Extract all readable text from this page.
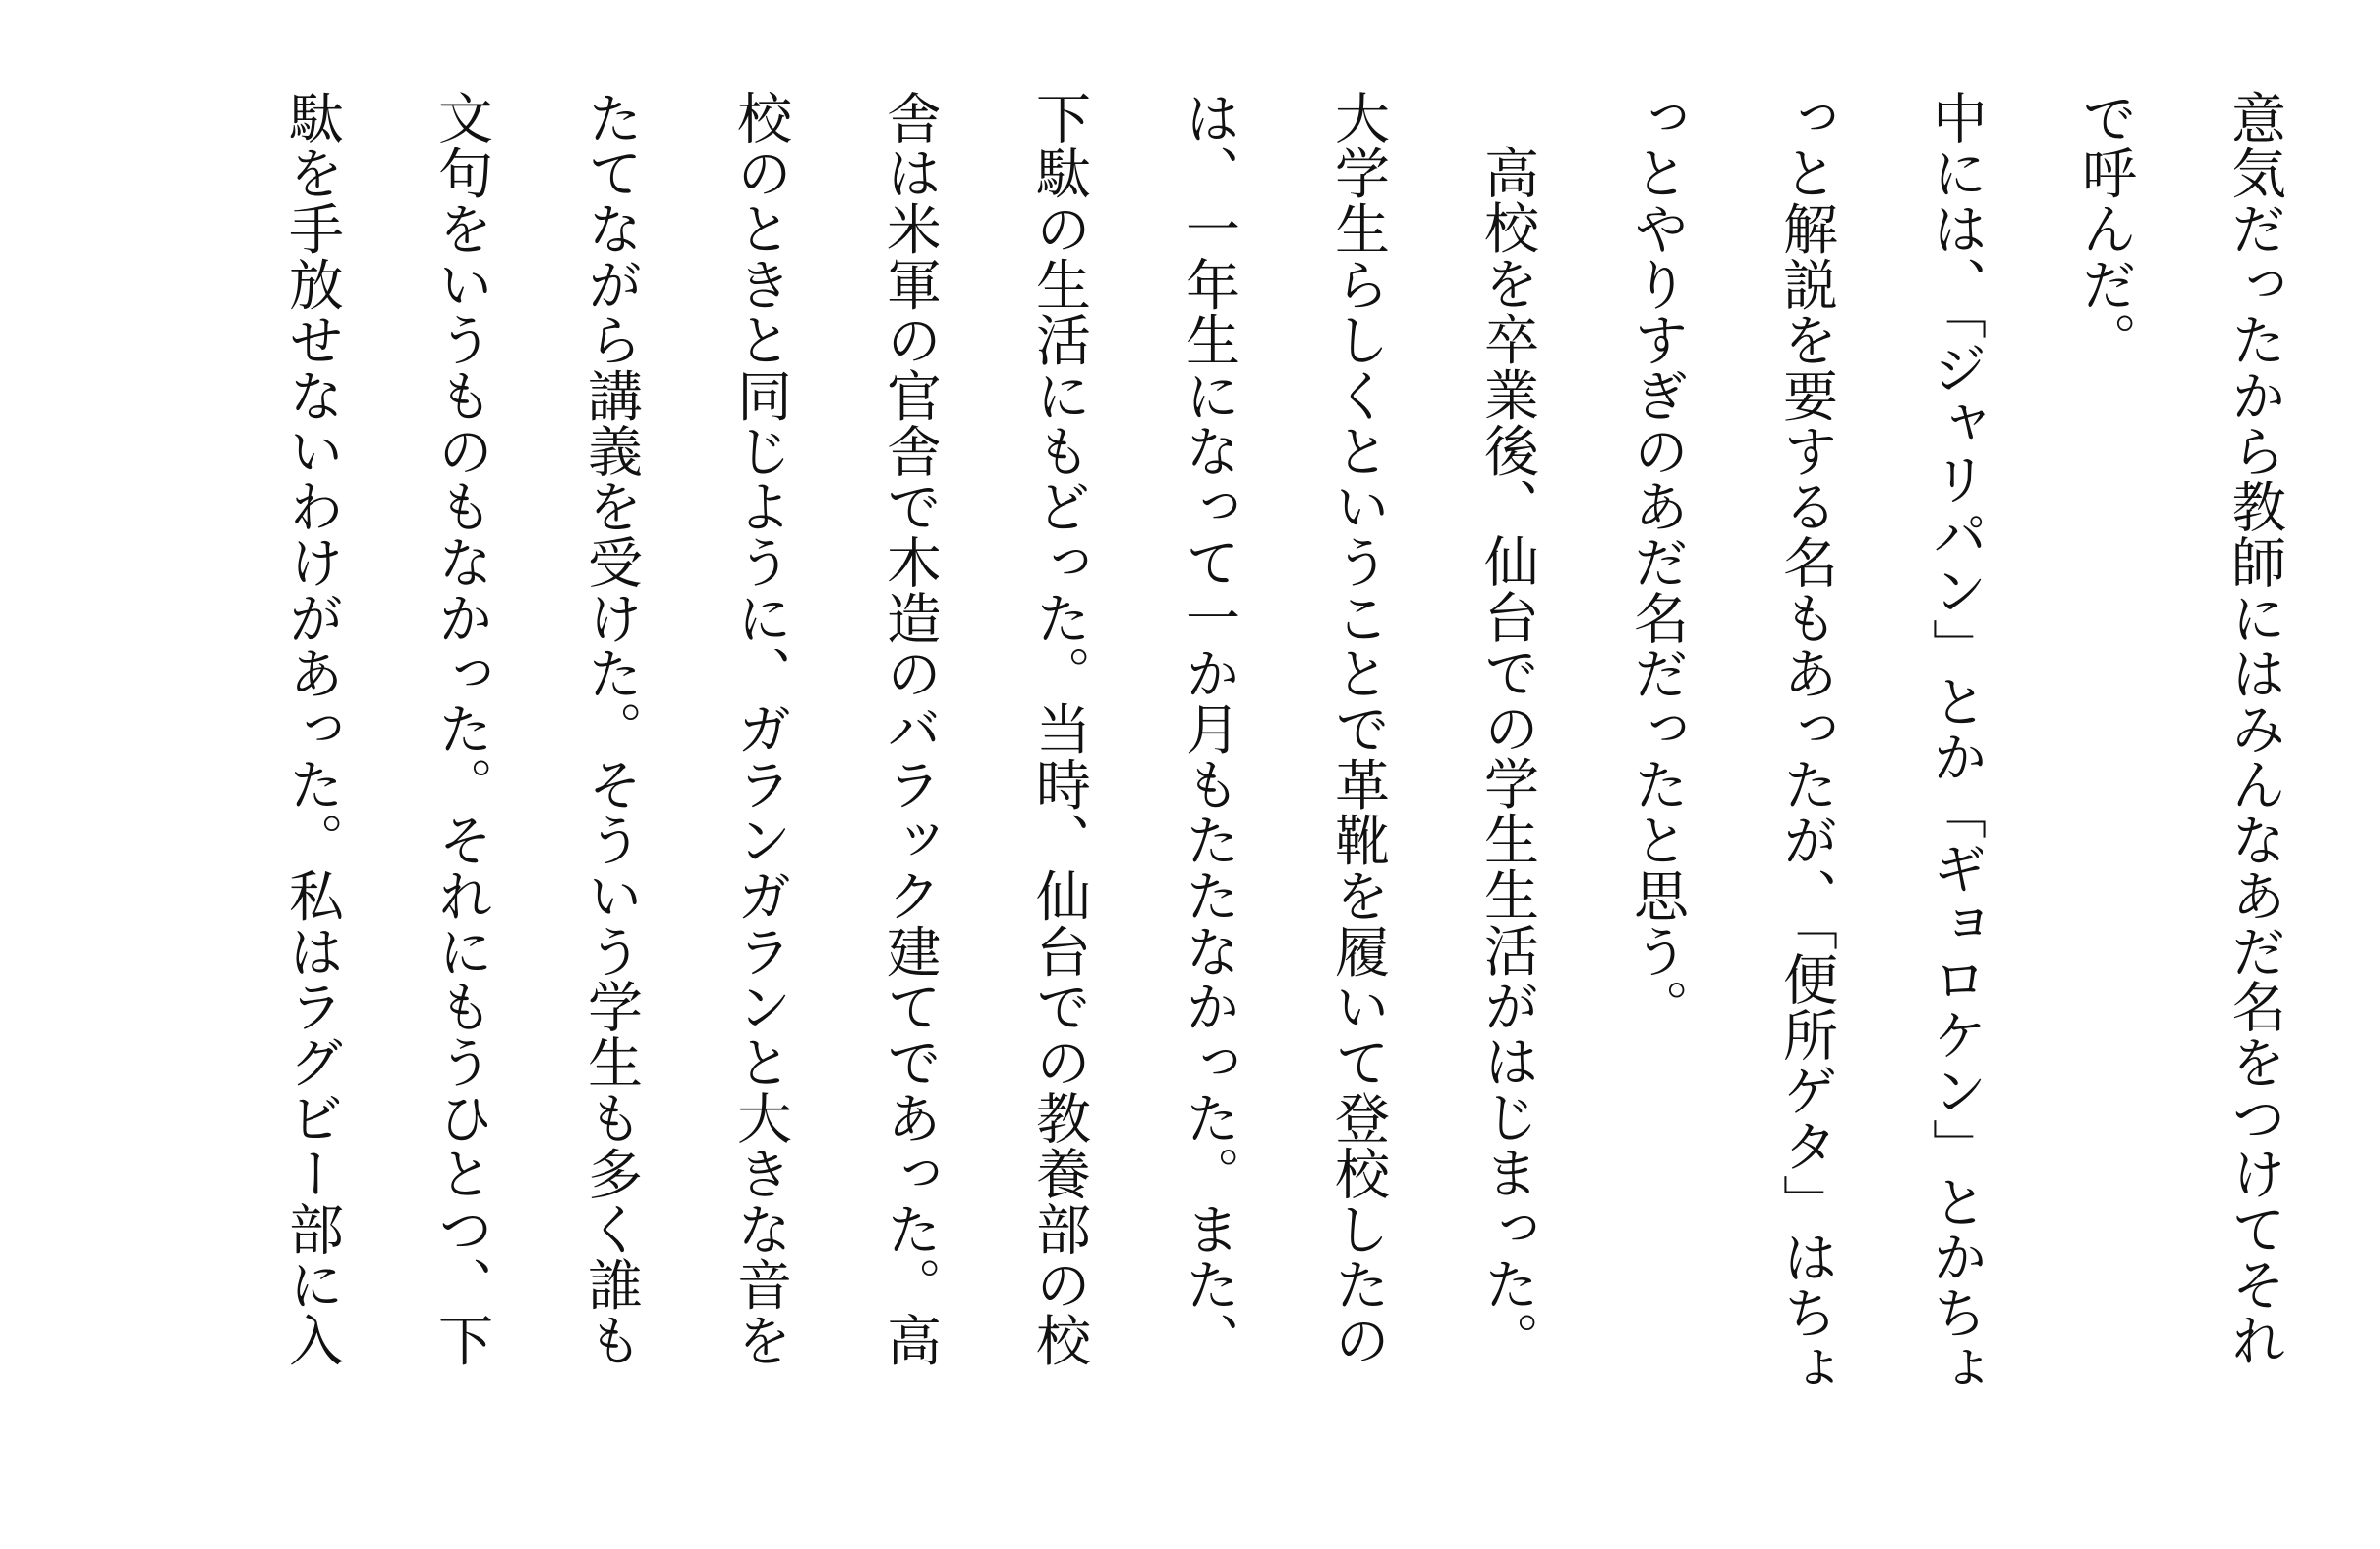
意気だったから教師にはみんなあだ名をつけてそれ
で呼んだ。
中には、「ジャリパン」とか「ギョロケン」とかちょ
っと解説を要する名もあったが、「便所ゲタ」はちょ
っとやりすぎのあだ名だったと思う。
高校を卒業後、仙台での学生生活がはじまった。
大学生らしくということで革靴を履いて登校したの
は、一年生になって一か月もたたなかった。また、
下駄の生活にもどった。当時、仙台での教養部の校
舎は米軍の官舎で木造のバラック建てであった。高
校のときと同じように、ガランガランと大きな音を
たてながら講義を受けた。そういう学生も多く誰も
文句をいうものもなかった。それにもうひとつ、下
駄を手放せないわけがあった。私はラグビー部に入
